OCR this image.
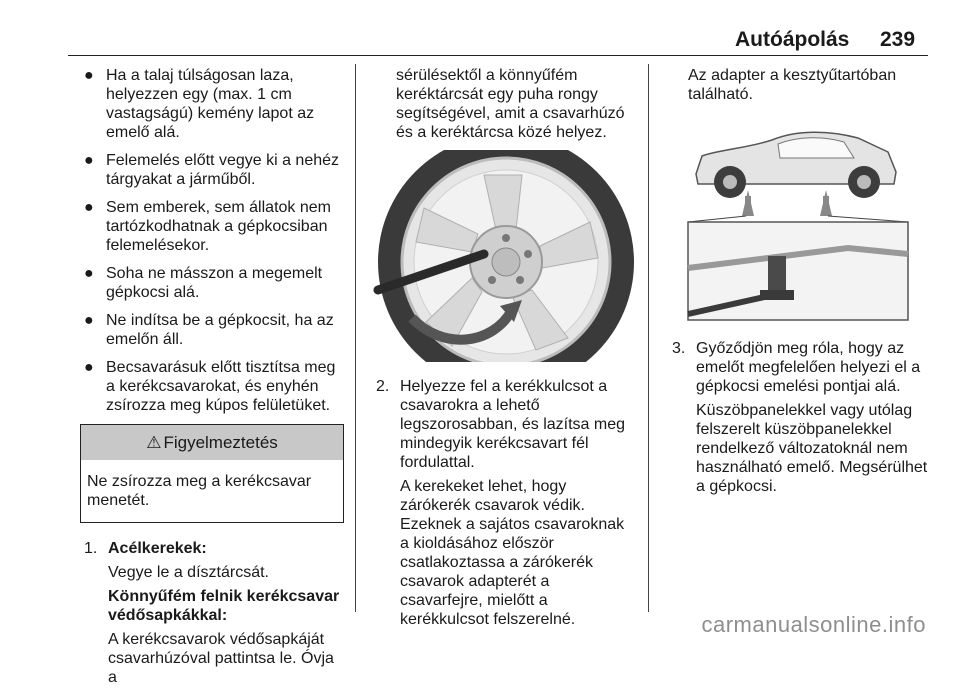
Autóápolás 239
● Ha a talaj túlságosan laza, helyezzen egy (max. 1 cm vastagságú) kemény lapot az emelő alá.
● Felemelés előtt vegye ki a nehéz tárgyakat a járműből.
● Sem emberek, sem állatok nem tartózkodhatnak a gépkocsiban felemelésekor.
● Soha ne másszon a megemelt gépkocsi alá.
● Ne indítsa be a gépkocsit, ha az emelőn áll.
● Becsavarásuk előtt tisztítsa meg a kerékcsavarokat, és enyhén zsírozza meg kúpos felületüket.
⚠ Figyelmeztetés
Ne zsírozza meg a kerékcsavar menetét.
1. Acélkerekek:

Vegye le a dísztárcsát.

Könnyűfém felnik kerékcsavar védősapkákkal:

A kerékcsavarok védősapkáját csavarhúzóval pattintsa le. Óvja a

sérülésektől a könnyűfém keréktárcsát egy puha rongy segítségével, amit a csavarhúzó és a keréktárcsa közé helyez.
2. Helyezze fel a kerékkulcsot a csavarokra a lehető legszorosabban, és lazítsa meg mindegyik kerékcsavart fél fordulattal.

A kerekeket lehet, hogy zárókerék csavarok védik. Ezeknek a sajátos csavaroknak a kioldásához először csatlakoztassa a zárókerék csavarok adapterét a csavarfejre, mielőtt a kerékkulcsot felszerelné.

Az adapter a kesztyűtartóban található.
3. Győződjön meg róla, hogy az emelőt megfelelően helyezi el a gépkocsi emelési pontjai alá.

Küszöbpanelekkel vagy utólag felszerelt küszöbpanelekkel rendelkező változatoknál nem használható emelő. Megsérülhet a gépkocsi.

carmanualsonline.info
